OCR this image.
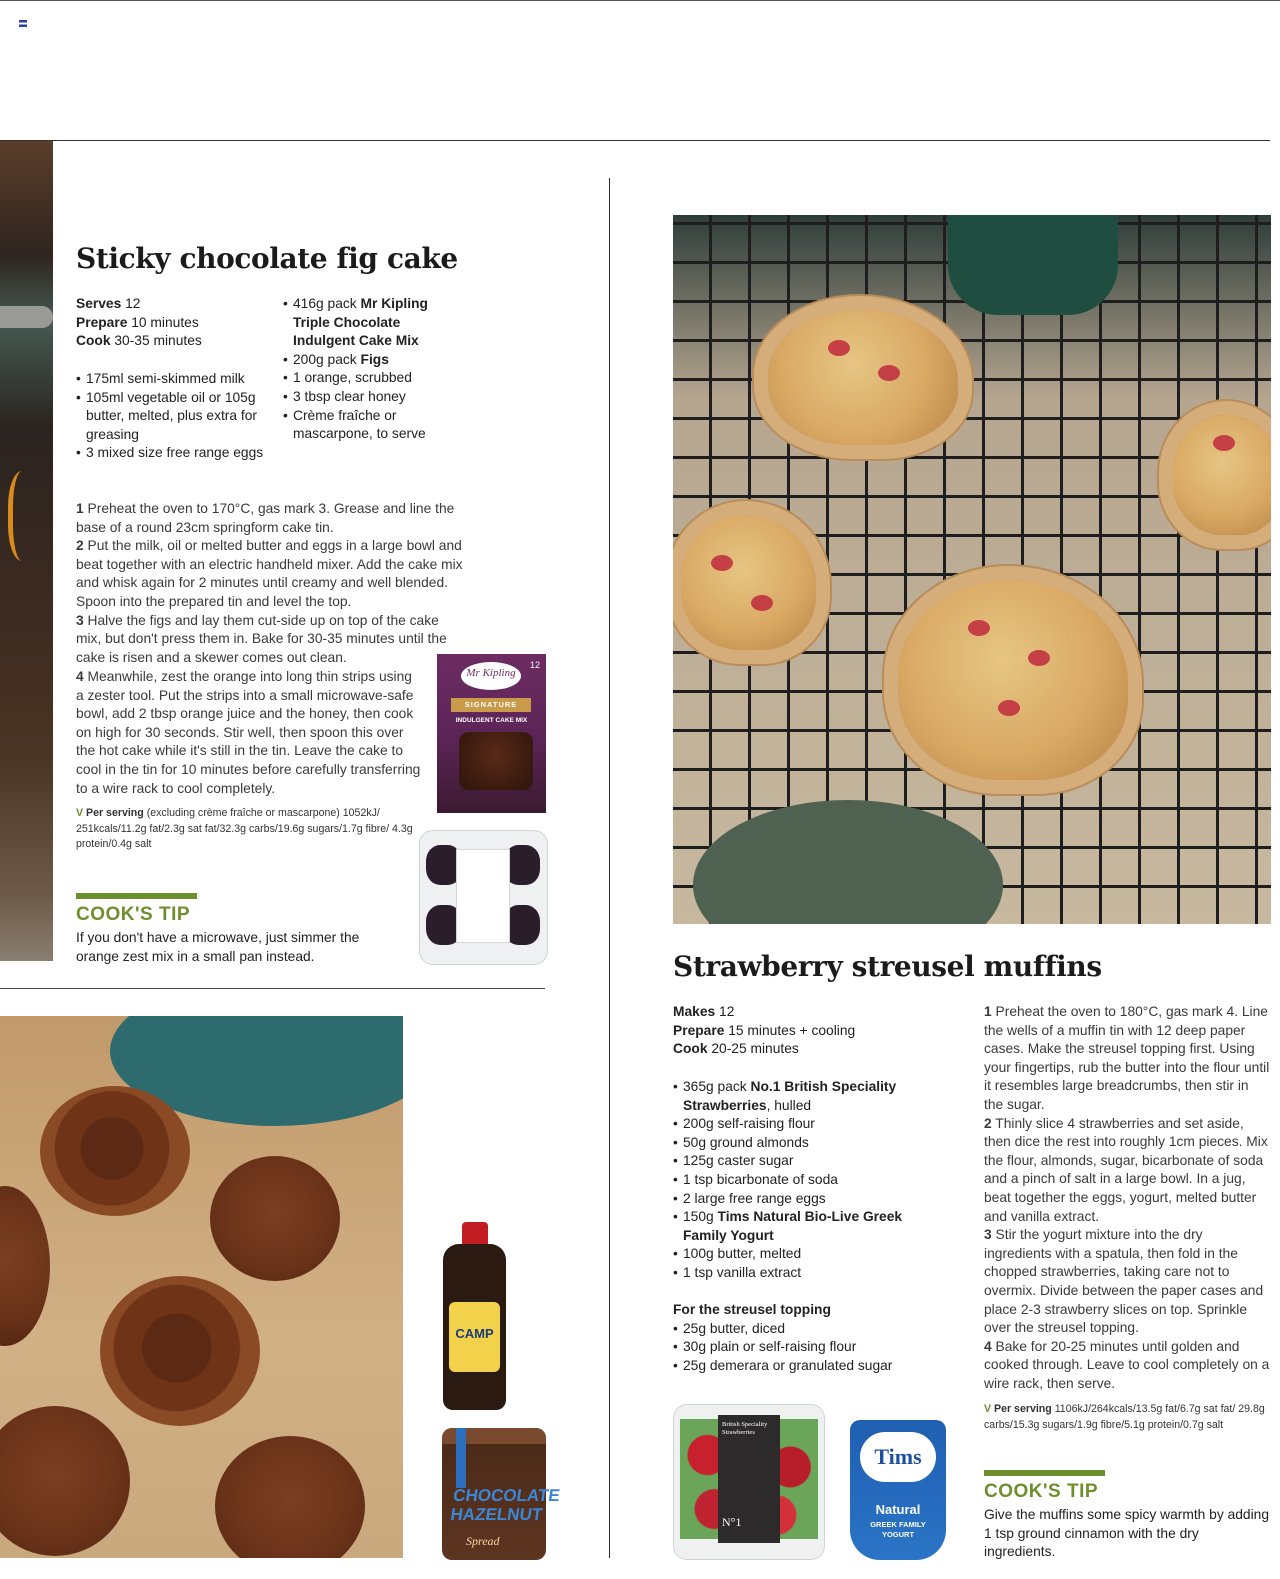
Mr Kipling
12
SIGNATURE
INDULGENT CAKE MIX
CAMP
CHOCOLATE
HAZELNUT
Spread
British Speciality Strawberries
N°1
Tims
Natural
GREEK FAMILY
YOGURT
Sticky chocolate fig cake
Serves 12
Prepare 10 minutes
Cook 30-35 minutes
• 175ml semi-skimmed milk
• 105ml vegetable oil or 105g butter, melted, plus extra for greasing
• 3 mixed size free range eggs
• 416g pack Mr Kipling Triple Chocolate Indulgent Cake Mix
• 200g pack Figs
• 1 orange, scrubbed
• 3 tbsp clear honey
• Crème fraîche or mascarpone, to serve

1 Preheat the oven to 170°C, gas mark 3. Grease and line the base of a round 23cm springform cake tin.

2 Put the milk, oil or melted butter and eggs in a large bowl and beat together with an electric handheld mixer. Add the cake mix and whisk again for 2 minutes until creamy and well blended. Spoon into the prepared tin and level the top.

3 Halve the figs and lay them cut-side up on top of the cake mix, but don't press them in. Bake for 30-35 minutes until the cake is risen and a skewer comes out clean.

4 Meanwhile, zest the orange into long thin strips using a zester tool. Put the strips into a small microwave-safe bowl, add 2 tbsp orange juice and the honey, then cook on high for 30 seconds. Stir well, then spoon this over the hot cake while it's still in the tin. Leave the cake to cool in the tin for 10 minutes before carefully transferring to a wire rack to cool completely.

V Per serving (excluding crème fraîche or mascarpone) 1052kJ/ 251kcals/11.2g fat/2.3g sat fat/32.3g carbs/19.6g sugars/1.7g fibre/ 4.3g protein/0.4g salt
COOK'S TIP
If you don't have a microwave, just simmer the orange zest mix in a small pan instead.	Strawberry streusel muffins
Makes 12
Prepare 15 minutes + cooling
Cook 20-25 minutes
• 365g pack No.1 British Speciality Strawberries, hulled
• 200g self-raising flour
• 50g ground almonds
• 125g caster sugar
• 1 tsp bicarbonate of soda
• 2 large free range eggs
• 150g Tims Natural Bio-Live Greek Family Yogurt
• 100g butter, melted
• 1 tsp vanilla extract
For the streusel topping
• 25g butter, diced
• 30g plain or self-raising flour
• 25g demerara or granulated sugar

1 Preheat the oven to 180°C, gas mark 4. Line the wells of a muffin tin with 12 deep paper cases. Make the streusel topping first. Using your fingertips, rub the butter into the flour until it resembles large breadcrumbs, then stir in the sugar.

2 Thinly slice 4 strawberries and set aside, then dice the rest into roughly 1cm pieces. Mix the flour, almonds, sugar, bicarbonate of soda and a pinch of salt in a large bowl. In a jug, beat together the eggs, yogurt, melted butter and vanilla extract.

3 Stir the yogurt mixture into the dry ingredients with a spatula, then fold in the chopped strawberries, taking care not to overmix. Divide between the paper cases and place 2-3 strawberry slices on top. Sprinkle over the streusel topping.

4 Bake for 20-25 minutes until golden and cooked through. Leave to cool completely on a wire rack, then serve.

V Per serving 1106kJ/264kcals/13.5g fat/6.7g sat fat/ 29.8g carbs/15.3g sugars/1.9g fibre/5.1g protein/0.7g salt
COOK'S TIP
Give the muffins some spicy warmth by adding 1 tsp ground cinnamon with the dry ingredients.
